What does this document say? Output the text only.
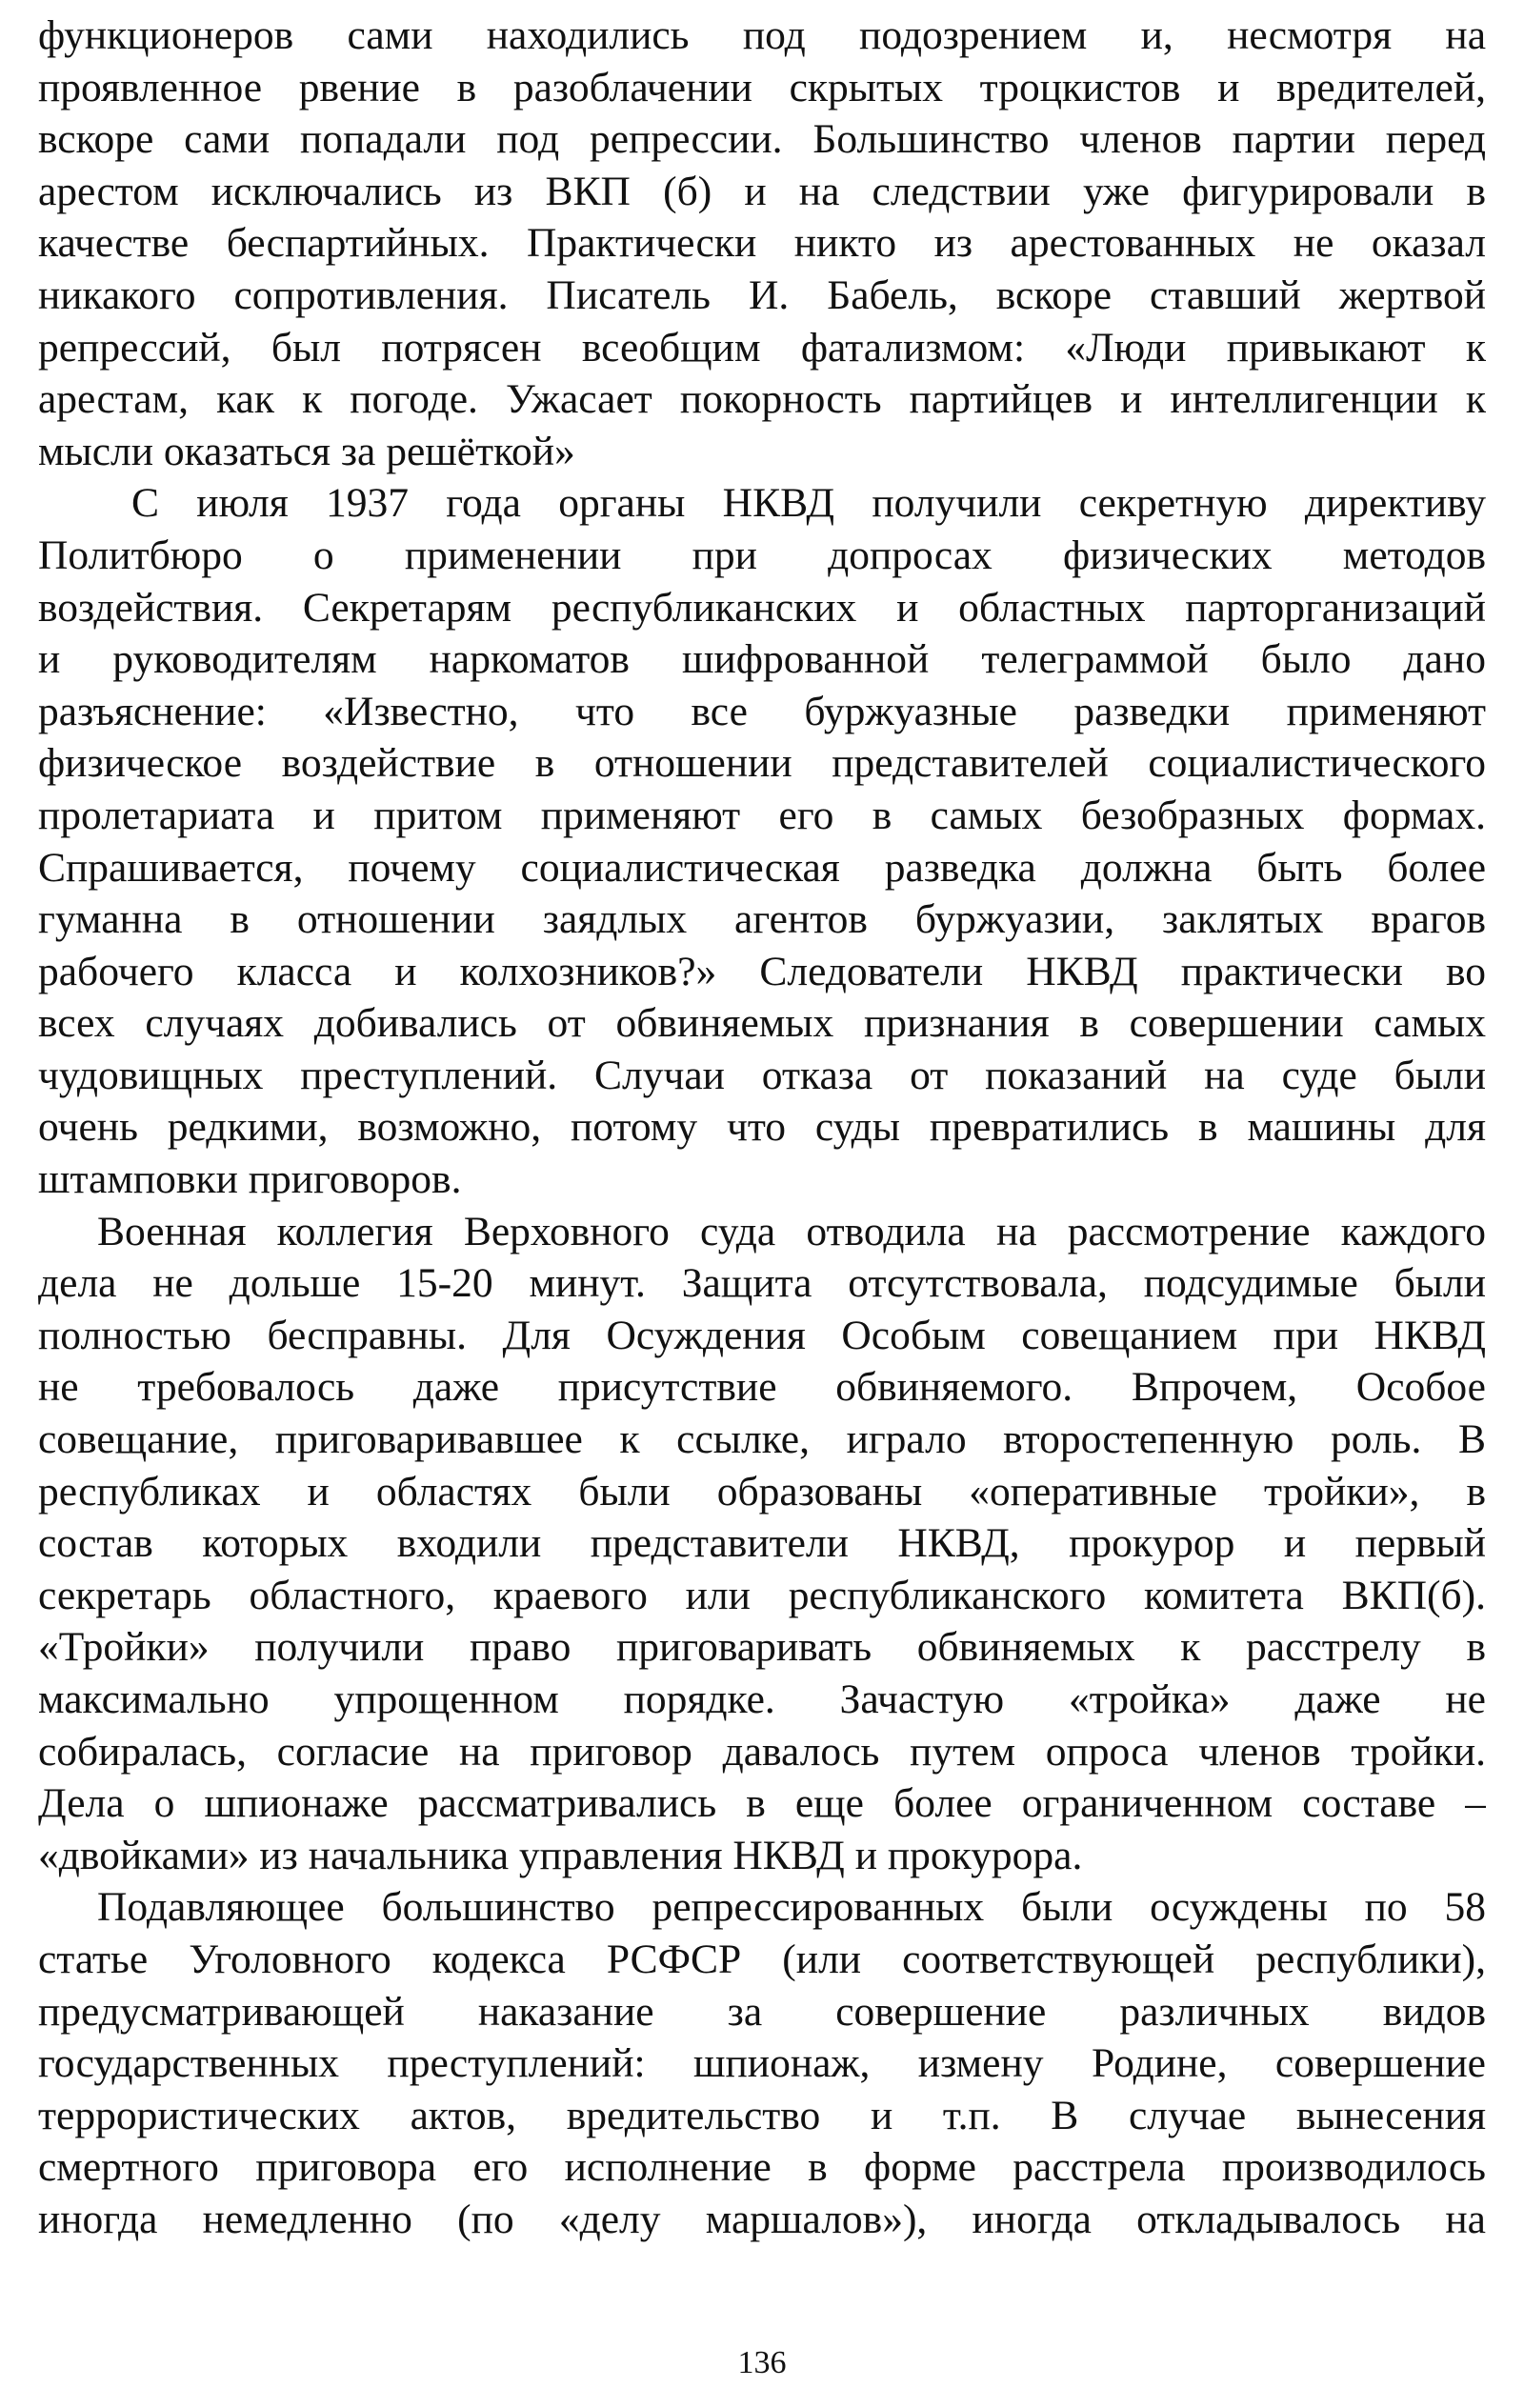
функционеров сами находились под подозрением и, несмотря на
проявленное рвение в разоблачении скрытых троцкистов и вредителей,
вскоре сами попадали под репрессии. Большинство членов партии перед
арестом исключались из ВКП (б) и на следствии уже фигурировали в
качестве беспартийных. Практически никто из арестованных не оказал
никакого сопротивления. Писатель И. Бабель, вскоре ставший жертвой
репрессий, был потрясен всеобщим фатализмом: «Люди привыкают к
арестам, как к погоде. Ужасает покорность партийцев и интеллигенции к
мысли оказаться за решёткой»
С июля 1937 года органы НКВД получили секретную директиву
Политбюро о применении при допросах физических методов
воздействия. Секретарям республиканских и областных парторганизаций
и руководителям наркоматов шифрованной телеграммой было дано
разъяснение: «Известно, что все буржуазные разведки применяют
физическое воздействие в отношении представителей социалистического
пролетариата и притом применяют его в самых безобразных формах.
Спрашивается, почему социалистическая разведка должна быть более
гуманна в отношении заядлых агентов буржуазии, заклятых врагов
рабочего класса и колхозников?» Следователи НКВД практически во
всех случаях добивались от обвиняемых признания в совершении самых
чудовищных преступлений. Случаи отказа от показаний на суде были
очень редкими, возможно, потому что суды превратились в машины для
штамповки приговоров.
Военная коллегия Верховного суда отводила на рассмотрение каждого
дела не дольше 15-20 минут. Защита отсутствовала, подсудимые были
полностью бесправны. Для Осуждения Особым совещанием при НКВД
не требовалось даже присутствие обвиняемого. Впрочем, Особое
совещание, приговаривавшее к ссылке, играло второстепенную роль. В
республиках и областях были образованы «оперативные тройки», в
состав которых входили представители НКВД, прокурор и первый
секретарь областного, краевого или республиканского комитета ВКП(б).
«Тройки» получили право приговаривать обвиняемых к расстрелу в
максимально упрощенном порядке. Зачастую «тройка» даже не
собиралась, согласие на приговор давалось путем опроса членов тройки.
Дела о шпионаже рассматривались в еще более ограниченном составе –
«двойками» из начальника управления НКВД и прокурора.
Подавляющее большинство репрессированных были осуждены по 58
статье Уголовного кодекса РСФСР (или соответствующей республики),
предусматривающей наказание за совершение различных видов
государственных преступлений: шпионаж, измену Родине, совершение
террористических актов, вредительство и т.п. В случае вынесения
смертного приговора его исполнение в форме расстрела производилось
иногда немедленно (по «делу маршалов»), иногда откладывалось на
136
